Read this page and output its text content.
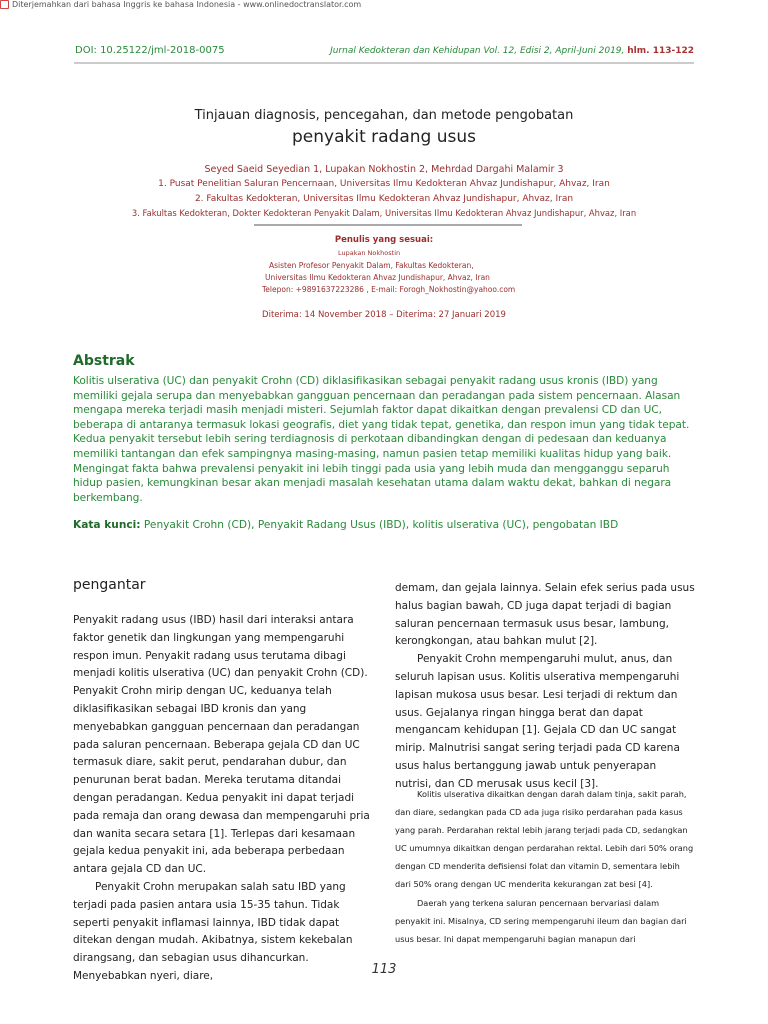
Diterjemahkan dari bahasa Inggris ke bahasa Indonesia - www.onlinedoctranslator.com
DOI: 10.25122/jml-2018-0075	Jurnal Kedokteran dan Kehidupan Vol. 12, Edisi 2, April-Juni 2019, hlm. 113-122
Tinjauan diagnosis, pencegahan, dan metode pengobatan
penyakit radang usus
Seyed Saeid Seyedian 1, Lupakan Nokhostin 2, Mehrdad Dargahi Malamir 3
1. Pusat Penelitian Saluran Pencernaan, Universitas Ilmu Kedokteran Ahvaz Jundishapur, Ahvaz, Iran
2. Fakultas Kedokteran, Universitas Ilmu Kedokteran Ahvaz Jundishapur, Ahvaz, Iran
3. Fakultas Kedokteran, Dokter Kedokteran Penyakit Dalam, Universitas Ilmu Kedokteran Ahvaz Jundishapur, Ahvaz, Iran
Penulis yang sesuai:
Lupakan Nokhostin
Asisten Profesor Penyakit Dalam, Fakultas Kedokteran,
Universitas Ilmu Kedokteran Ahvaz Jundishapur, Ahvaz, Iran
Telepon: +9891637223286 , E-mail: Forogh_Nokhostin@yahoo.com
Diterima: 14 November 2018 – Diterima: 27 Januari 2019
Abstrak
Kolitis ulserativa (UC) dan penyakit Crohn (CD) diklasifikasikan sebagai penyakit radang usus kronis (IBD) yang memiliki gejala serupa dan menyebabkan gangguan pencernaan dan peradangan pada sistem pencernaan. Alasan mengapa mereka terjadi masih menjadi misteri. Sejumlah faktor dapat dikaitkan dengan prevalensi CD dan UC, beberapa di antaranya termasuk lokasi geografis, diet yang tidak tepat, genetika, dan respon imun yang tidak tepat. Kedua penyakit tersebut lebih sering terdiagnosis di perkotaan dibandingkan dengan di pedesaan dan keduanya memiliki tantangan dan efek sampingnya masing-masing, namun pasien tetap memiliki kualitas hidup yang baik. Mengingat fakta bahwa prevalensi penyakit ini lebih tinggi pada usia yang lebih muda dan mengganggu separuh hidup pasien, kemungkinan besar akan menjadi masalah kesehatan utama dalam waktu dekat, bahkan di negara berkembang.
Kata kunci: Penyakit Crohn (CD), Penyakit Radang Usus (IBD), kolitis ulserativa (UC), pengobatan IBD
pengantar

Penyakit radang usus (IBD) hasil dari interaksi antara faktor genetik dan lingkungan yang mempengaruhi respon imun. Penyakit radang usus terutama dibagi menjadi kolitis ulserativa (UC) dan penyakit Crohn (CD). Penyakit Crohn mirip dengan UC, keduanya telah diklasifikasikan sebagai IBD kronis dan yang menyebabkan gangguan pencernaan dan peradangan pada saluran pencernaan. Beberapa gejala CD dan UC termasuk diare, sakit perut, pendarahan dubur, dan penurunan berat badan. Mereka terutama ditandai dengan peradangan. Kedua penyakit ini dapat terjadi pada remaja dan orang dewasa dan mempengaruhi pria dan wanita secara setara [1]. Terlepas dari kesamaan gejala kedua penyakit ini, ada beberapa perbedaan antara gejala CD dan UC.

Penyakit Crohn merupakan salah satu IBD yang terjadi pada pasien antara usia 15-35 tahun. Tidak seperti penyakit inflamasi lainnya, IBD tidak dapat ditekan dengan mudah. Akibatnya, sistem kekebalan dirangsang, dan sebagian usus dihancurkan. Menyebabkan nyeri, diare,

demam, dan gejala lainnya. Selain efek serius pada usus halus bagian bawah, CD juga dapat terjadi di bagian saluran pencernaan termasuk usus besar, lambung, kerongkongan, atau bahkan mulut [2].

Penyakit Crohn mempengaruhi mulut, anus, dan seluruh lapisan usus. Kolitis ulserativa mempengaruhi lapisan mukosa usus besar. Lesi terjadi di rektum dan usus. Gejalanya ringan hingga berat dan dapat mengancam kehidupan [1]. Gejala CD dan UC sangat mirip. Malnutrisi sangat sering terjadi pada CD karena usus halus bertanggung jawab untuk penyerapan nutrisi, dan CD merusak usus kecil [3].

Kolitis ulserativa dikaitkan dengan darah dalam tinja, sakit parah, dan diare, sedangkan pada CD ada juga risiko perdarahan pada kasus yang parah. Perdarahan rektal lebih jarang terjadi pada CD, sedangkan UC umumnya dikaitkan dengan perdarahan rektal. Lebih dari 50% orang dengan CD menderita defisiensi folat dan vitamin D, sementara lebih dari 50% orang dengan UC menderita kekurangan zat besi [4].

Daerah yang terkena saluran pencernaan bervariasi dalam penyakit ini. Misalnya, CD sering mempengaruhi ileum dan bagian dari usus besar. Ini dapat mempengaruhi bagian manapun dari

113
